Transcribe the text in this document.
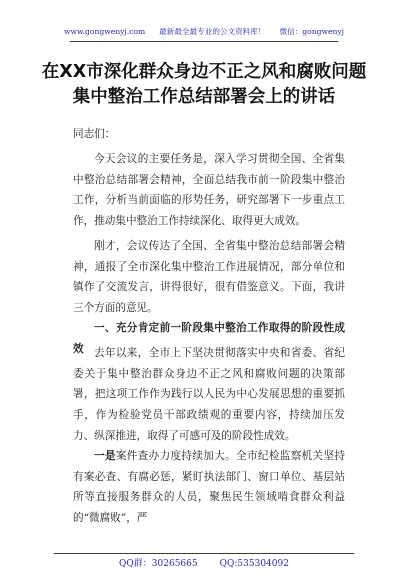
www.gongwenyj.com 最新最全最专业的公文资料库！ 微信：gongwenyj
在XX市深化群众身边不正之风和腐败问题集中整治工作总结部署会上的讲话
同志们：
今天会议的主要任务是，深入学习贯彻全国、全省集中整治总结部署会精神，全面总结我市前一阶段集中整治工作，分析当前面临的形势任务，研究部署下一步重点工作，推动集中整治工作持续深化、取得更大成效。
刚才，会议传达了全国、全省集中整治总结部署会精神，通报了全市深化集中整治工作进展情况，部分单位和镇作了交流发言，讲得很好，很有借鉴意义。下面，我讲三个方面的意见。
一、充分肯定前一阶段集中整治工作取得的阶段性成效 去年以来，全市上下坚决贯彻落实中央和省委、省纪委关于集中整治群众身边不正之风和腐败问题的决策部署，把这项工作作为践行以人民为中心发展思想的重要抓手，作为检验党员干部政绩观的重要内容，持续加压发力、纵深推进，取得了可感可及的阶段性成效。
一是案件查办力度持续加大。全市纪检监察机关坚持有案必查、有腐必惩，紧盯执法部门、窗口单位、基层站所等直接服务群众的人员，聚焦民生领域啃食群众利益的“微腐败”，严
QQ群：30265665 QQ:535304092
